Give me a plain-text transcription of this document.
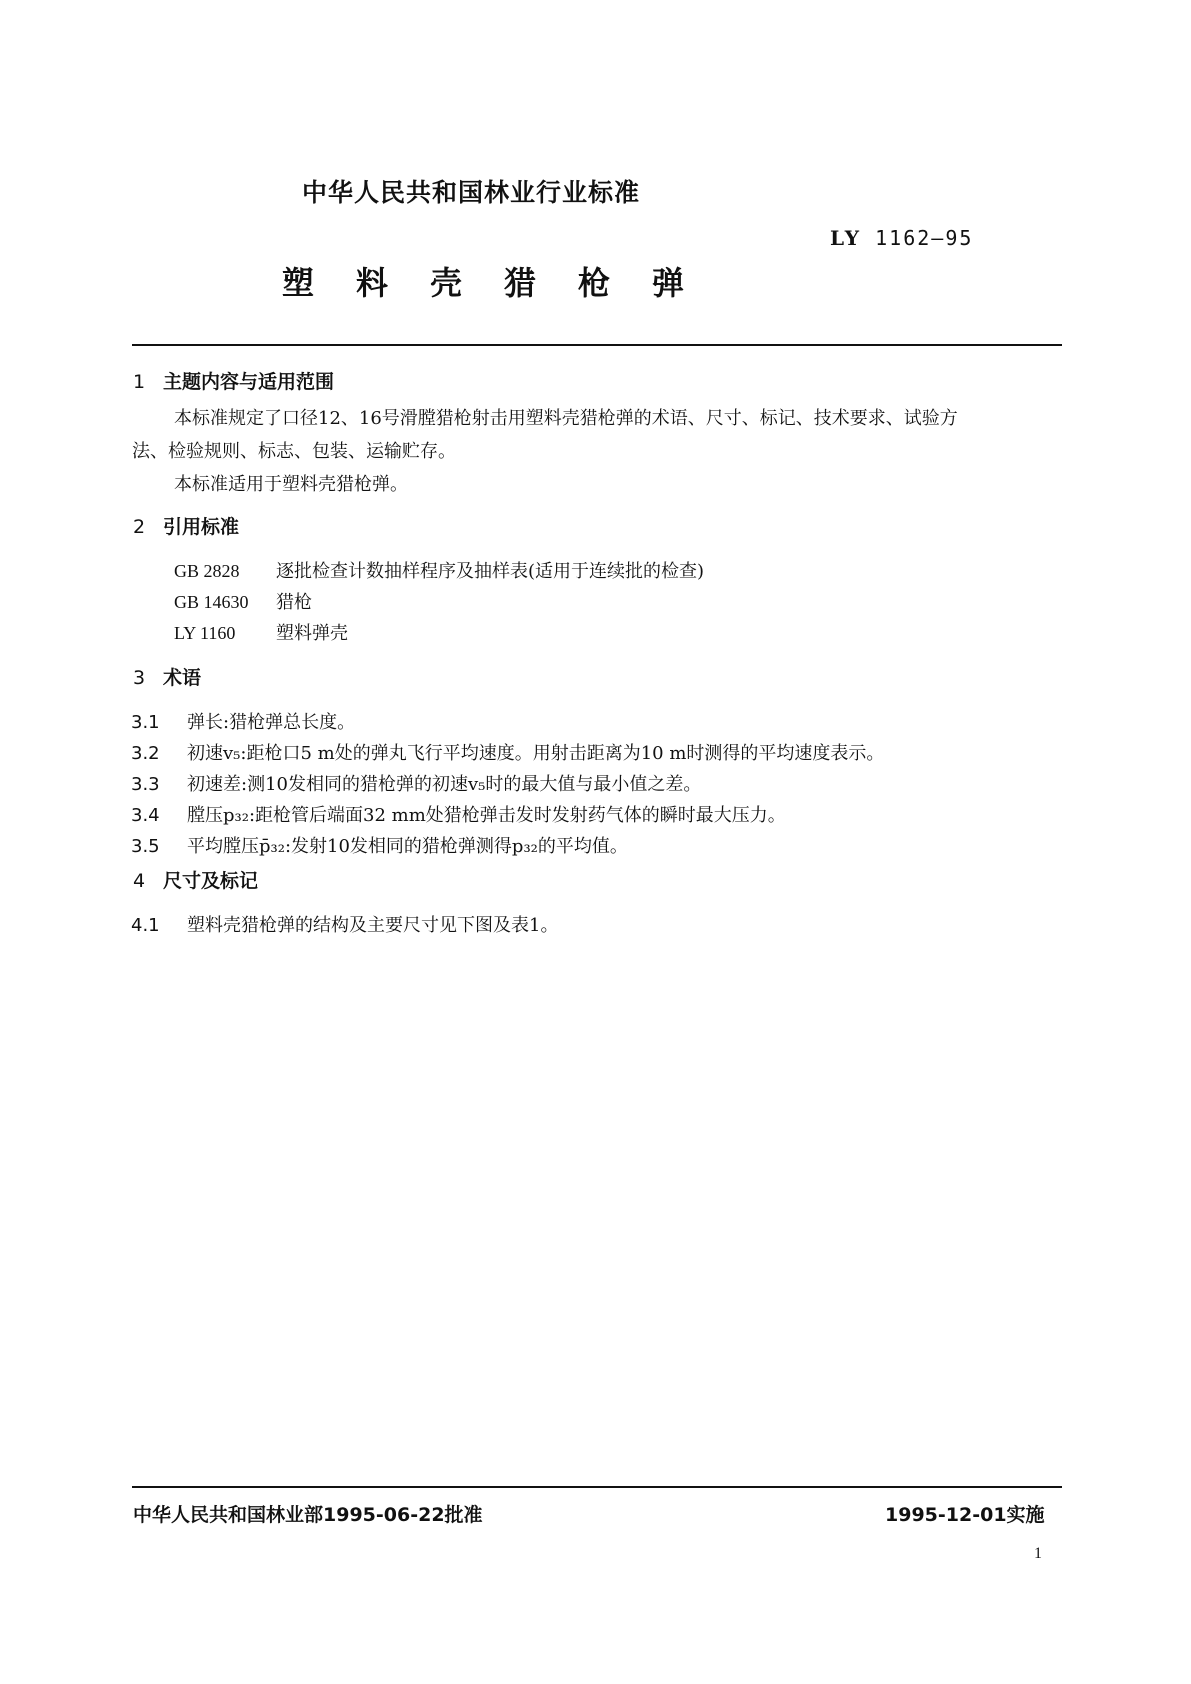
中华人民共和国林业行业标准
LY 1162—95
塑料壳猎枪弹
1 主题内容与适用范围
本标准规定了口径12、16号滑膛猎枪射击用塑料壳猎枪弹的术语、尺寸、标记、技术要求、试验方
法、检验规则、标志、包装、运输贮存。
本标准适用于塑料壳猎枪弹。
2 引用标准
GB 2828 逐批检查计数抽样程序及抽样表(适用于连续批的检查)
GB 14630 猎枪
LY 1160 塑料弹壳
3 术语
3.1 弹长:猎枪弹总长度。
3.2 初速v₅:距枪口5 m处的弹丸飞行平均速度。用射击距离为10 m时测得的平均速度表示。
3.3 初速差:测10发相同的猎枪弹的初速v₅时的最大值与最小值之差。
3.4 膛压p₃₂:距枪管后端面32 mm处猎枪弹击发时发射药气体的瞬时最大压力。
3.5 平均膛压p̄₃₂:发射10发相同的猎枪弹测得p₃₂的平均值。
4 尺寸及标记
4.1 塑料壳猎枪弹的结构及主要尺寸见下图及表1。
中华人民共和国林业部1995-06-22批准	1995-12-01实施
1
